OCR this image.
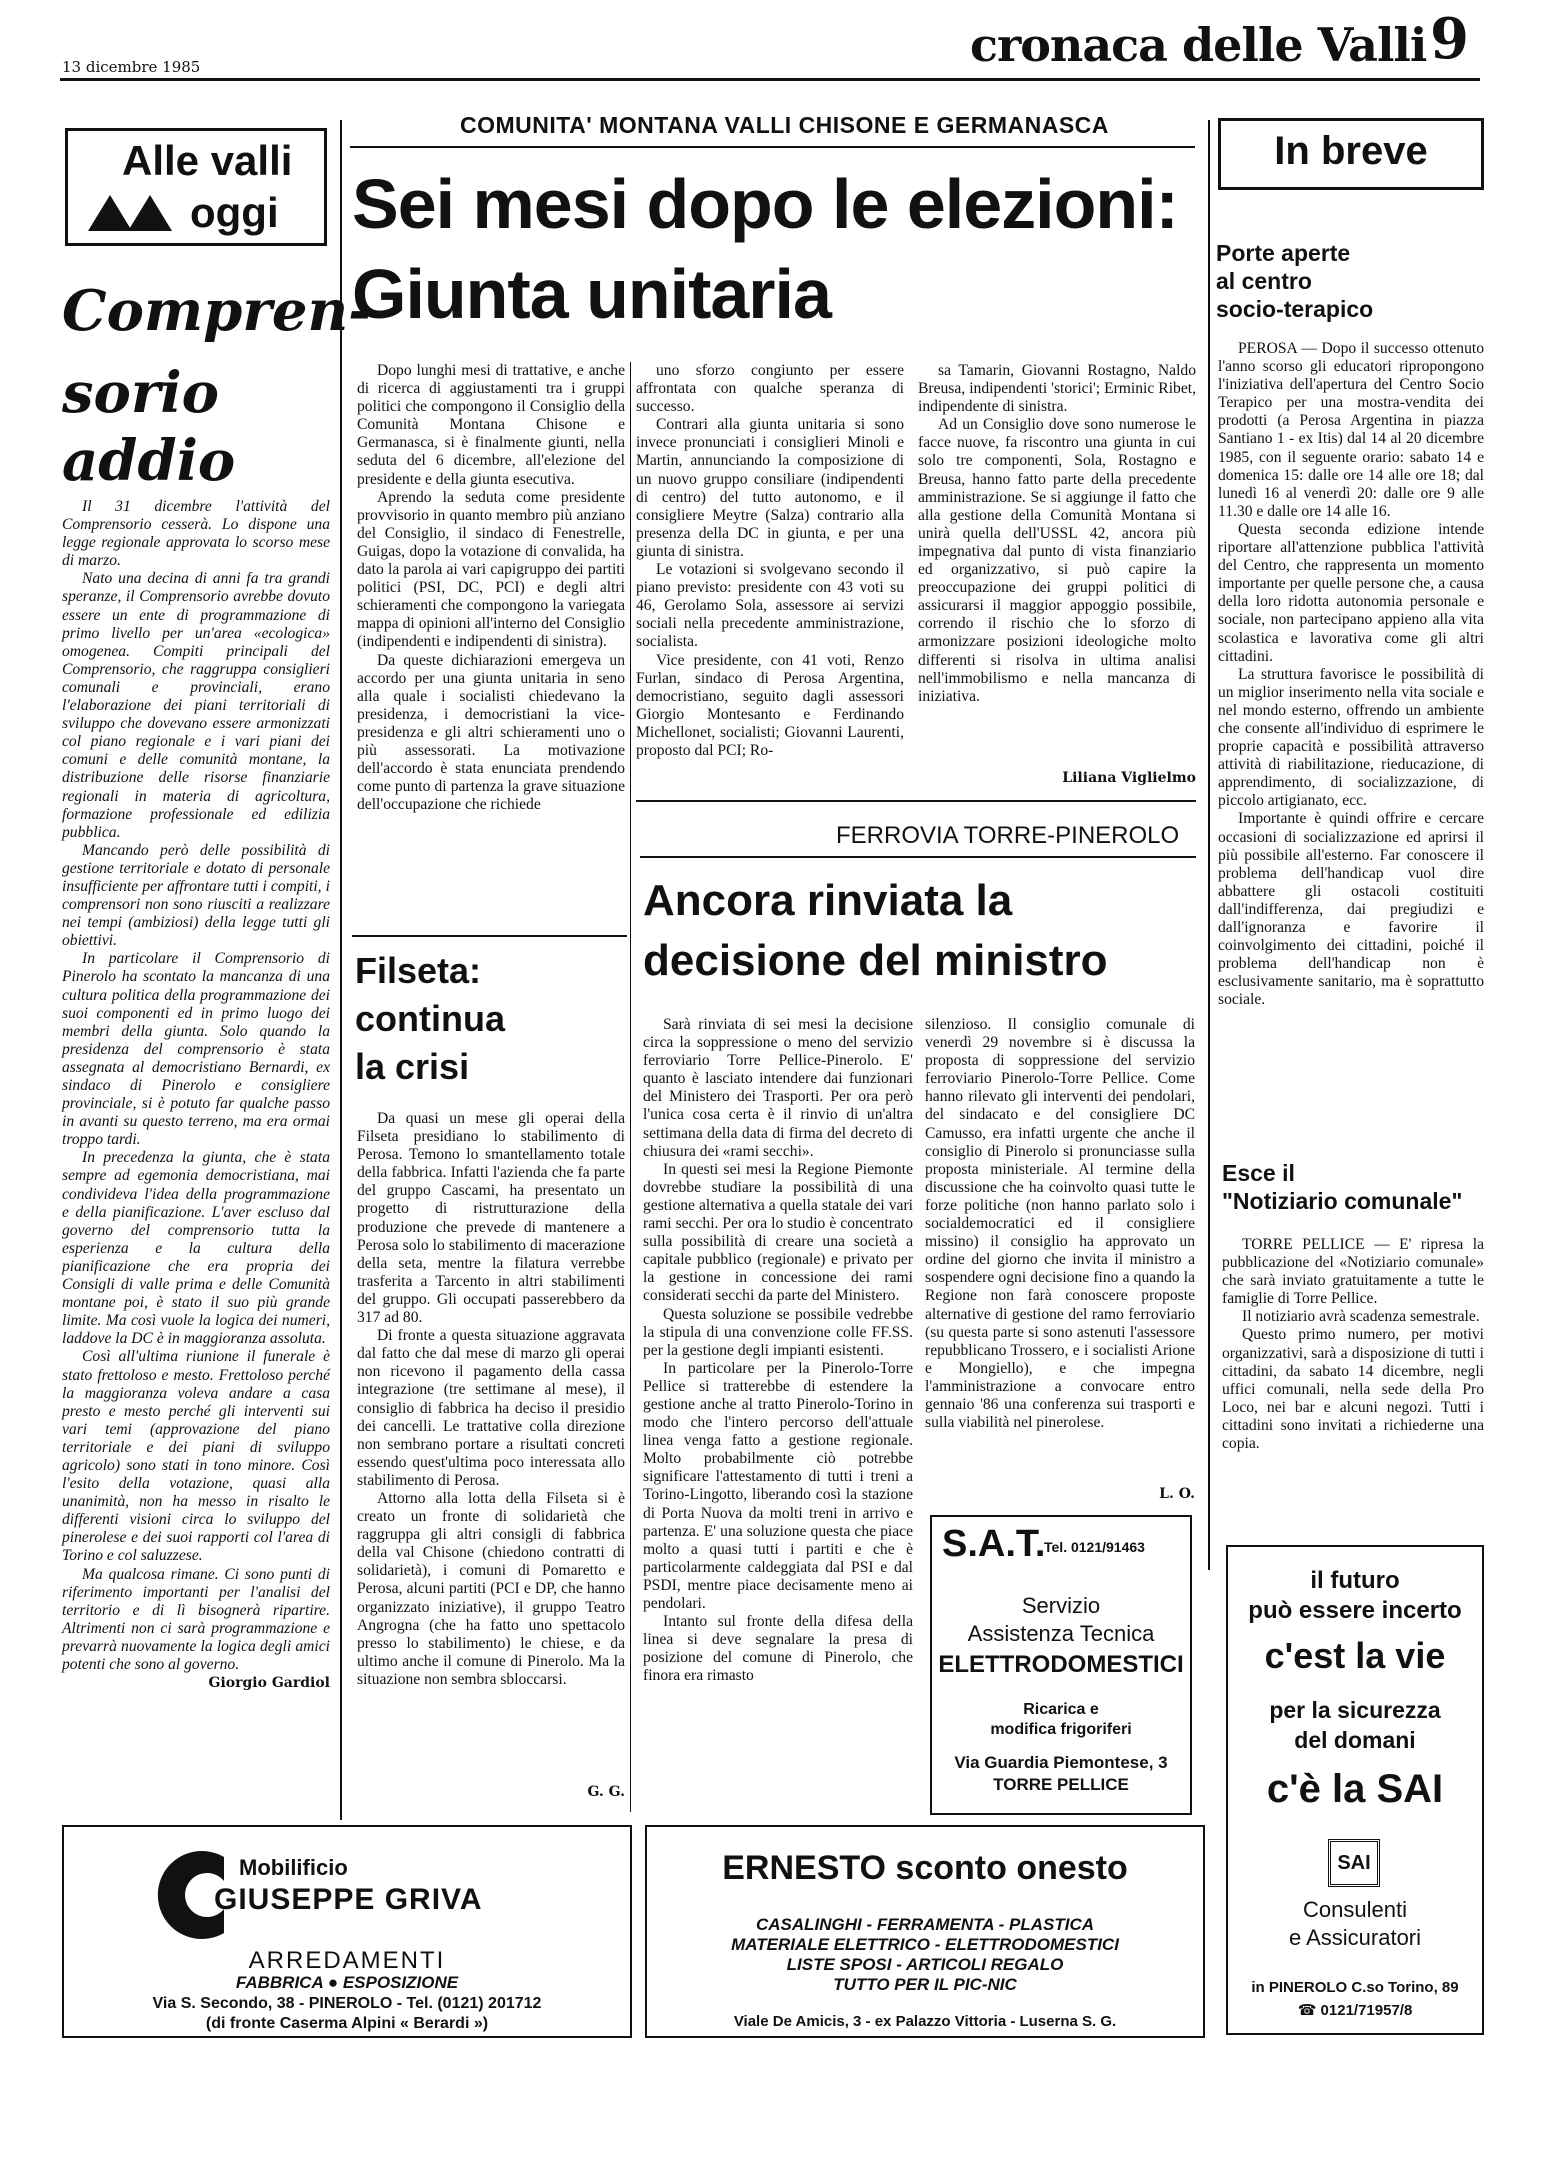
13 dicembre 1985	cronaca delle Valli 9
Alle valli
oggi
Compren-
sorio
addio

Il 31 dicembre l'attività del Comprensorio cesserà. Lo dispone una legge regionale approvata lo scorso mese di marzo.

Nato una decina di anni fa tra grandi speranze, il Comprensorio avrebbe dovuto essere un ente di programmazione di primo livello per un'area «ecologica» omogenea. Compiti principali del Comprensorio, che raggruppa consiglieri comunali e provinciali, erano l'elaborazione dei piani territoriali di sviluppo che dovevano essere armonizzati col piano regionale e i vari piani dei comuni e delle comunità montane, la distribuzione delle risorse finanziarie regionali in materia di agricoltura, formazione professionale ed edilizia pubblica.

Mancando però delle possibilità di gestione territoriale e dotato di personale insufficiente per affrontare tutti i compiti, i comprensori non sono riusciti a realizzare nei tempi (ambiziosi) della legge tutti gli obiettivi.

In particolare il Comprensorio di Pinerolo ha scontato la mancanza di una cultura politica della programmazione dei suoi componenti ed in primo luogo dei membri della giunta. Solo quando la presidenza del comprensorio è stata assegnata al democristiano Bernardi, ex sindaco di Pinerolo e consigliere provinciale, si è potuto far qualche passo in avanti su questo terreno, ma era ormai troppo tardi.

In precedenza la giunta, che è stata sempre ad egemonia democristiana, mai condivideva l'idea della programmazione e della pianificazione. L'aver escluso dal governo del comprensorio tutta la esperienza e la cultura della pianificazione che era propria dei Consigli di valle prima e delle Comunità montane poi, è stato il suo più grande limite. Ma così vuole la logica dei numeri, laddove la DC è in maggioranza assoluta.

Così all'ultima riunione il funerale è stato frettoloso e mesto. Frettoloso perché la maggioranza voleva andare a casa presto e mesto perché gli interventi sui vari temi (approvazione del piano territoriale e dei piani di sviluppo agricolo) sono stati in tono minore. Così l'esito della votazione, quasi alla unanimità, non ha messo in risalto le differenti visioni circa lo sviluppo del pinerolese e dei suoi rapporti col l'area di Torino e col saluzzese.

Ma qualcosa rimane. Ci sono punti di riferimento importanti per l'analisi del territorio e di lì bisognerà ripartire. Altrimenti non ci sarà programmazione e prevarrà nuovamente la logica degli amici potenti che sono al governo.

Giorgio Gardiol
COMUNITA' MONTANA VALLI CHISONE E GERMANASCA
Sei mesi dopo le elezioni:
Giunta unitaria

Dopo lunghi mesi di trattative, e anche di ricerca di aggiustamenti tra i gruppi politici che compongono il Consiglio della Comunità Montana Chisone e Germanasca, si è finalmente giunti, nella seduta del 6 dicembre, all'elezione del presidente e della giunta esecutiva.

Aprendo la seduta come presidente provvisorio in quanto membro più anziano del Consiglio, il sindaco di Fenestrelle, Guigas, dopo la votazione di convalida, ha dato la parola ai vari capigruppo dei partiti politici (PSI, DC, PCI) e degli altri schieramenti che compongono la variegata mappa di opinioni all'interno del Consiglio (indipendenti e indipendenti di sinistra).

Da queste dichiarazioni emergeva un accordo per una giunta unitaria in seno alla quale i socialisti chiedevano la presidenza, i democristiani la vice-presidenza e gli altri schieramenti uno o più assessorati. La motivazione dell'accordo è stata enunciata prendendo come punto di partenza la grave situazione dell'occupazione che richiede

uno sforzo congiunto per essere affrontata con qualche speranza di successo.

Contrari alla giunta unitaria si sono invece pronunciati i consiglieri Minoli e Martin, annunciando la composizione di un nuovo gruppo consiliare (indipendenti di centro) del tutto autonomo, e il consigliere Meytre (Salza) contrario alla presenza della DC in giunta, e per una giunta di sinistra.

Le votazioni si svolgevano secondo il piano previsto: presidente con 43 voti su 46, Gerolamo Sola, assessore ai servizi sociali nella precedente amministrazione, socialista.

Vice presidente, con 41 voti, Renzo Furlan, sindaco di Perosa Argentina, democristiano, seguito dagli assessori Giorgio Montesanto e Ferdinando Michellonet, socialisti; Giovanni Laurenti, proposto dal PCI; Ro-

sa Tamarin, Giovanni Rostagno, Naldo Breusa, indipendenti 'storici'; Erminic Ribet, indipendente di sinistra.

Ad un Consiglio dove sono numerose le facce nuove, fa riscontro una giunta in cui solo tre componenti, Sola, Rostagno e Breusa, hanno fatto parte della precedente amministrazione. Se si aggiunge il fatto che alla gestione della Comunità Montana si unirà quella dell'USSL 42, ancora più impegnativa dal punto di vista finanziario ed organizzativo, si può capire la preoccupazione dei gruppi politici di assicurarsi il maggior appoggio possibile, correndo il rischio che lo sforzo di armonizzare posizioni ideologiche molto differenti si risolva in ultima analisi nell'immobilismo e nella mancanza di iniziativa.

Liliana Viglielmo
Filseta:
continua
la crisi

Da quasi un mese gli operai della Filseta presidiano lo stabilimento di Perosa. Temono lo smantellamento totale della fabbrica. Infatti l'azienda che fa parte del gruppo Cascami, ha presentato un progetto di ristrutturazione della produzione che prevede di mantenere a Perosa solo lo stabilimento di macerazione della seta, mentre la filatura verrebbe trasferita a Tarcento in altri stabilimenti del gruppo. Gli occupati passerebbero da 317 ad 80.

Di fronte a questa situazione aggravata dal fatto che dal mese di marzo gli operai non ricevono il pagamento della cassa integrazione (tre settimane al mese), il consiglio di fabbrica ha deciso il presidio dei cancelli. Le trattative colla direzione non sembrano portare a risultati concreti essendo quest'ultima poco interessata allo stabilimento di Perosa.

Attorno alla lotta della Filseta si è creato un fronte di solidarietà che raggruppa gli altri consigli di fabbrica della val Chisone (chiedono contratti di solidarietà), i comuni di Pomaretto e Perosa, alcuni partiti (PCI e DP, che hanno organizzato iniziative), il gruppo Teatro Angrogna (che ha fatto uno spettacolo presso lo stabilimento) le chiese, e da ultimo anche il comune di Pinerolo. Ma la situazione non sembra sbloccarsi.

G. G.
FERROVIA TORRE-PINEROLO
Ancora rinviata la
decisione del ministro

Sarà rinviata di sei mesi la decisione circa la soppressione o meno del servizio ferroviario Torre Pellice-Pinerolo. E' quanto è lasciato intendere dai funzionari del Ministero dei Trasporti. Per ora però l'unica cosa certa è il rinvio di un'altra settimana della data di firma del decreto di chiusura dei «rami secchi».

In questi sei mesi la Regione Piemonte dovrebbe studiare la possibilità di una gestione alternativa a quella statale dei vari rami secchi. Per ora lo studio è concentrato sulla possibilità di creare una società a capitale pubblico (regionale) e privato per la gestione in concessione dei rami considerati secchi da parte del Ministero.

Questa soluzione se possibile vedrebbe la stipula di una convenzione colle FF.SS. per la gestione degli impianti esistenti.

In particolare per la Pinerolo-Torre Pellice si tratterebbe di estendere la gestione anche al tratto Pinerolo-Torino in modo che l'intero percorso dell'attuale linea venga fatto a gestione regionale. Molto probabilmente ciò potrebbe significare l'attestamento di tutti i treni a Torino-Lingotto, liberando così la stazione di Porta Nuova da molti treni in arrivo e partenza. E' una soluzione questa che piace molto a quasi tutti i partiti e che è particolarmente caldeggiata dal PSI e dal PSDI, mentre piace decisamente meno ai pendolari.

Intanto sul fronte della difesa della linea si deve segnalare la presa di posizione del comune di Pinerolo, che finora era rimasto

silenzioso. Il consiglio comunale di venerdì 29 novembre si è discussa la proposta di soppressione del servizio ferroviario Pinerolo-Torre Pellice. Come hanno rilevato gli interventi dei pendolari, del sindacato e del consigliere DC Camusso, era infatti urgente che anche il consiglio di Pinerolo si pronunciasse sulla proposta ministeriale. Al termine della discussione che ha coinvolto quasi tutte le forze politiche (non hanno parlato solo i socialdemocratici ed il consigliere missino) il consiglio ha approvato un ordine del giorno che invita il ministro a sospendere ogni decisione fino a quando la Regione non farà conoscere proposte alternative di gestione del ramo ferroviario (su questa parte si sono astenuti l'assessore repubblicano Trossero, e i socialisti Arione e Mongiello), e che impegna l'amministrazione a convocare entro gennaio '86 una conferenza sui trasporti e sulla viabilità nel pinerolese.

L. O.
S.A.T.
Tel. 0121/91463
Servizio
Assistenza Tecnica
ELETTRODOMESTICI
Ricarica e
modifica frigoriferi
Via Guardia Piemontese, 3
TORRE PELLICE
In breve
Porte aperte
al centro
socio-terapico

PEROSA — Dopo il successo ottenuto l'anno scorso gli educatori ripropongono l'iniziativa dell'apertura del Centro Socio Terapico per una mostra-vendita dei prodotti (a Perosa Argentina in piazza Santiano 1 - ex Itis) dal 14 al 20 dicembre 1985, con il seguente orario: sabato 14 e domenica 15: dalle ore 14 alle ore 18; dal lunedì 16 al venerdì 20: dalle ore 9 alle 11.30 e dalle ore 14 alle 16.

Questa seconda edizione intende riportare all'attenzione pubblica l'attività del Centro, che rappresenta un momento importante per quelle persone che, a causa della loro ridotta autonomia personale e sociale, non partecipano appieno alla vita scolastica e lavorativa come gli altri cittadini.

La struttura favorisce le possibilità di un miglior inserimento nella vita sociale e nel mondo esterno, offrendo un ambiente che consente all'individuo di esprimere le proprie capacità e possibilità attraverso attività di riabilitazione, rieducazione, di apprendimento, di socializzazione, di piccolo artigianato, ecc.

Importante è quindi offrire e cercare occasioni di socializzazione ed aprirsi il più possibile all'esterno. Far conoscere il problema dell'handicap vuol dire abbattere gli ostacoli costituiti dall'indifferenza, dai pregiudizi e dall'ignoranza e favorire il coinvolgimento dei cittadini, poiché il problema dell'handicap non è esclusivamente sanitario, ma è soprattutto sociale.

Esce il
"Notiziario comunale"

TORRE PELLICE — E' ripresa la pubblicazione del «Notiziario comunale» che sarà inviato gratuitamente a tutte le famiglie di Torre Pellice.

Il notiziario avrà scadenza semestrale.

Questo primo numero, per motivi organizzativi, sarà a disposizione di tutti i cittadini, da sabato 14 dicembre, negli uffici comunali, nella sede della Pro Loco, nei bar e alcuni negozi. Tutti i cittadini sono invitati a richiederne una copia.

il futuro
può essere incerto
c'est la vie
per la sicurezza
del domani
c'è la SAI
SAI
Consulenti
e Assicuratori
in PINEROLO C.so Torino, 89
☎ 0121/71957/8
Mobilificio
GIUSEPPE GRIVA
ARREDAMENTI
FABBRICA ● ESPOSIZIONE
Via S. Secondo, 38 - PINEROLO - Tel. (0121) 201712
(di fronte Caserma Alpini « Berardi »)
ERNESTO sconto onesto
CASALINGHI - FERRAMENTA - PLASTICA
MATERIALE ELETTRICO - ELETTRODOMESTICI
LISTE SPOSI - ARTICOLI REGALO
TUTTO PER IL PIC-NIC
Viale De Amicis, 3 - ex Palazzo Vittoria - Luserna S. G.
